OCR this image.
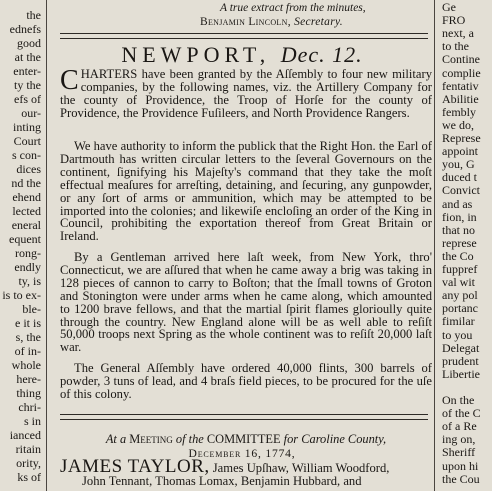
the
ednefs
good
at the
enter-
ty the
efs of
our-
inting
Court
s con-
dices
nd the
ehend
lected
eneral
equent
rong-
endly
ty, is
is to ex-
ble-
e it is
s, the
of in-
whole
here-
thing
chri-
s in
ianced
ritain
ority,
ks of
A true extract from the minutes,
Benjamin Lincoln, Secretary.
NEWPORT, Dec. 12.
CHARTERS have been granted by the Aſſembly to four new military companies, by the following names, viz. the Artillery Company for the county of Providence, the Troop of Horſe for the county of Providence, the Providence Fuſileers, and North Providence Rangers.
We have authority to inform the publick that the Right Hon. the Earl of Dartmouth has written circular letters to the ſeveral Governours on the continent, ſignifying his Majeſty's command that they take the moſt effectual meaſures for arreſting, detaining, and ſecuring, any gunpowder, or any ſort of arms or ammunition, which may be attempted to be imported into the colonies; and likewiſe encloſing an order of the King in Council, prohibiting the exportation thereof from Great Britain or Ireland.
By a Gentleman arrived here laſt week, from New York, thro' Connecticut, we are aſſured that when he came away a brig was taking in 128 pieces of cannon to carry to Boſton; that the ſmall towns of Groton and Stonington were under arms when he came along, which amounted to 1200 brave fellows, and that the martial ſpirit flames glorioully quite through the country. New England alone will be as well able to reſiſt 50,000 troops next Spring as the whole continent was to reſiſt 20,000 laſt war.
The General Aſſembly have ordered 40,000 flints, 300 barrels of powder, 3 tuns of lead, and 4 braſs field pieces, to be procured for the uſe of this colony.
At a Meeting of the COMMITTEE for Caroline County,
December 16, 1774,
JAMES TAYLOR, James Upſhaw, William Woodford,
John Tennant, Thomas Lomax, Benjamin Hubbard, and
Ge
FRO
next, a
to the
Contine
complie
fentativ
Abilitie
fembly
we do,
Represe
appoint
you, G
duced t
Convict
and as
fion, in
that no
represe
the Co
fuppref
val wit
any pol
portanc
fimilar
to you
Delegat
prudent
Libertie
On the
of the C
of a Re
ing on,
Sheriff
upon hi
the Cou
